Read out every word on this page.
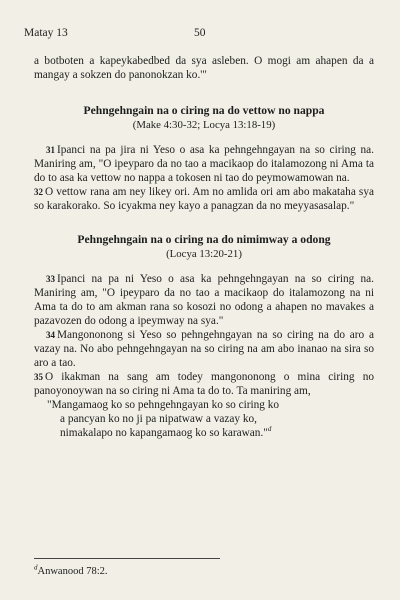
Matay 13	50

a botboten a kapeykabedbed da sya asleben. O mogi am ahapen da a mangay a sokzen do panonokzan ko.'"

Pehngehngain na o ciring na do vettow no nappa
(Make 4:30-32; Locya 13:18-19)

31 Ipanci na pa jira ni Yeso o asa ka pehngehngayan na so ciring na. Maniring am, "O ipeyparo da no tao a macikaop do italamozong ni Ama ta do to asa ka vettow no nappa a tokosen ni tao do peymowamowan na.

32 O vettow rana am ney likey ori. Am no amlida ori am abo makataha sya so karakorako. So icyakma ney kayo a panagzan da no meyyasasalap."

Pehngehngain na o ciring na do nimimway a odong
(Locya 13:20-21)

33 Ipanci na pa ni Yeso o asa ka pehngehngayan na so ciring na. Maniring am, "O ipeyparo da no tao a macikaop do italamozong na ni Ama ta do to am akman rana so kosozi no odong a ahapen no mavakes a pazavozen do odong a ipeymway na sya."

34 Mangononong si Yeso so pehngehngayan na so ciring na do aro a vazay na. No abo pehngehngayan na so ciring na am abo inanao na sira so aro a tao.

35 O ikakman na sang am todey mangononong o mina ciring no panoyonoywan na so ciring ni Ama ta do to. Ta maniring am,

"Mangamaog ko so pehngehngayan ko so ciring ko

a pancyan ko no ji pa nipatwaw a vazay ko,

nimakalapo no kapangamaog ko so karawan."$^d$

$^d$Anwanood 78:2.
